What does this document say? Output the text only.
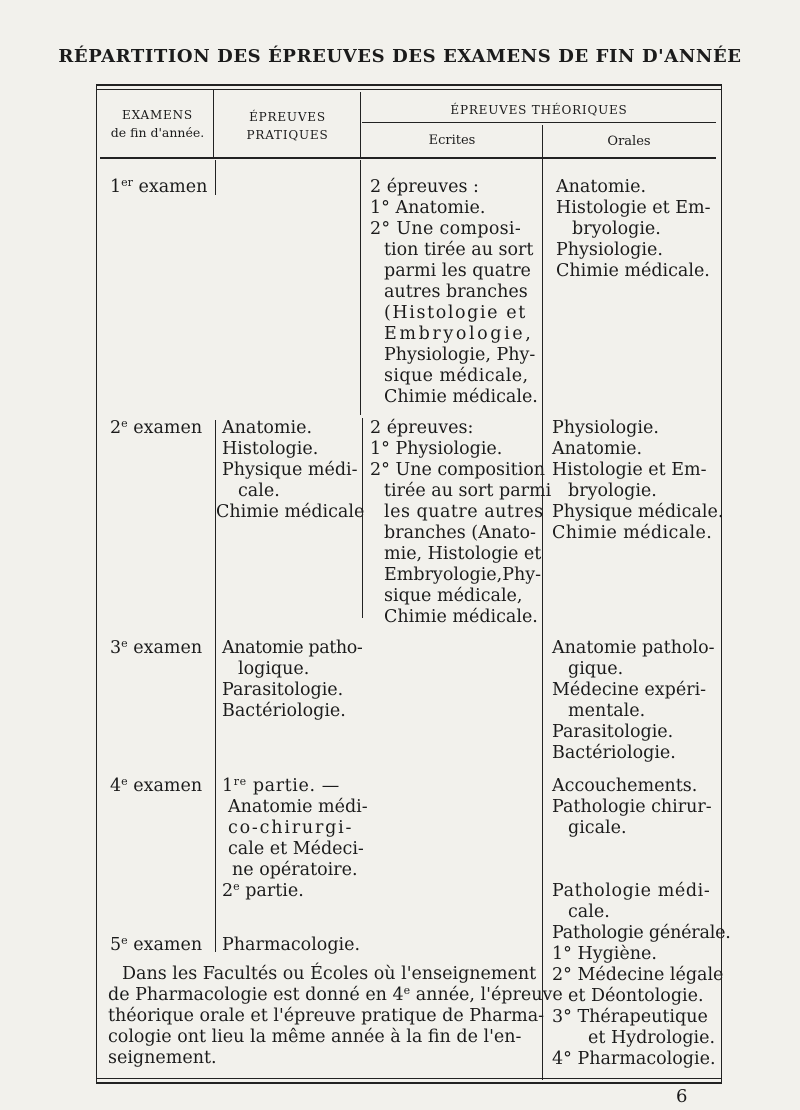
RÉPARTITION DES ÉPREUVES DES EXAMENS DE FIN D'ANNÉE
EXAMENS
de fin d'année.
ÉPREUVES
PRATIQUES
ÉPREUVES THÉORIQUES
Ecrites	Orales
1er examen	2 épreuves :
1° Anatomie.
2° Une composi-
tion tirée au sort
parmi les quatre
autres branches
(Histologie et
Embryologie,
Physiologie, Phy-
sique médicale,
Chimie médicale.
Anatomie.
Histologie et Em-
bryologie.
Physiologie.
Chimie médicale.
2e examen Anatomie.
Histologie.
Physique médi-
cale.
Chimie médicale
2 épreuves:
1° Physiologie.
2° Une composition
tirée au sort parmi
les quatre autres
branches (Anato-
mie, Histologie et
Embryologie,Phy-
sique médicale,
Chimie médicale.
Physiologie.
Anatomie.
Histologie et Em-
bryologie.
Physique médicale.
Chimie médicale.
3e examen Anatomie patho-
logique.
Parasitologie.
Bactériologie.
Anatomie patholo-
gique.
Médecine expéri-
mentale.
Parasitologie.
Bactériologie.
4e examen 1re partie. —
Anatomie médi-
co-chirurgi-
cale et Médeci-
ne opératoire.
2e partie.
Accouchements.
Pathologie chirur-
gicale.
Pathologie médi-
cale.
Pathologie générale.
5e examen Pharmacologie.
Dans les Facultés ou Écoles où l'enseignement
de Pharmacologie est donné en 4e année, l'épreuve
théorique orale et l'épreuve pratique de Pharma-
cologie ont lieu la même année à la fin de l'en-
seignement.
1° Hygiène.
2° Médecine légale
et Déontologie.
3° Thérapeutique
et Hydrologie.
4° Pharmacologie.
6
